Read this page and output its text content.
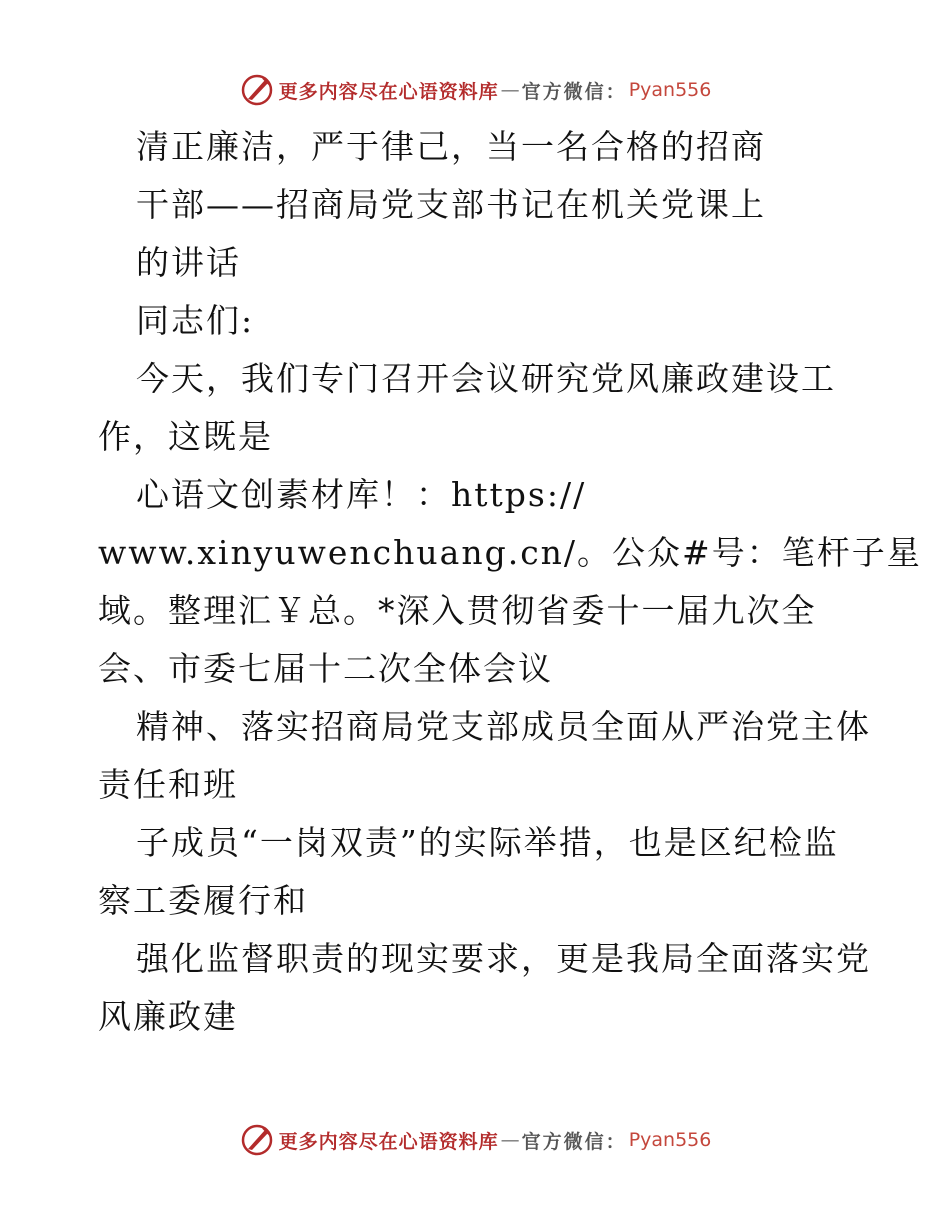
更多内容尽在心语资料库 — 官方微信： Pyan556
清正廉洁，严于律己，当一名合格的招商
干部——招商局党支部书记在机关党课上
的讲话
同志们:
今天，我们专门召开会议研究党风廉政建设工
作，这既是
心语文创素材库！：https://
www.xinyuwenchuang.cn/。公众#号：笔杆子星
域。整理汇￥总。*深入贯彻省委十一届九次全
会、市委七届十二次全体会议
精神、落实招商局党支部成员全面从严治党主体
责任和班
子成员“一岗双责”的实际举措，也是区纪检监
察工委履行和
强化监督职责的现实要求，更是我局全面落实党
风廉政建
更多内容尽在心语资料库 — 官方微信： Pyan556
